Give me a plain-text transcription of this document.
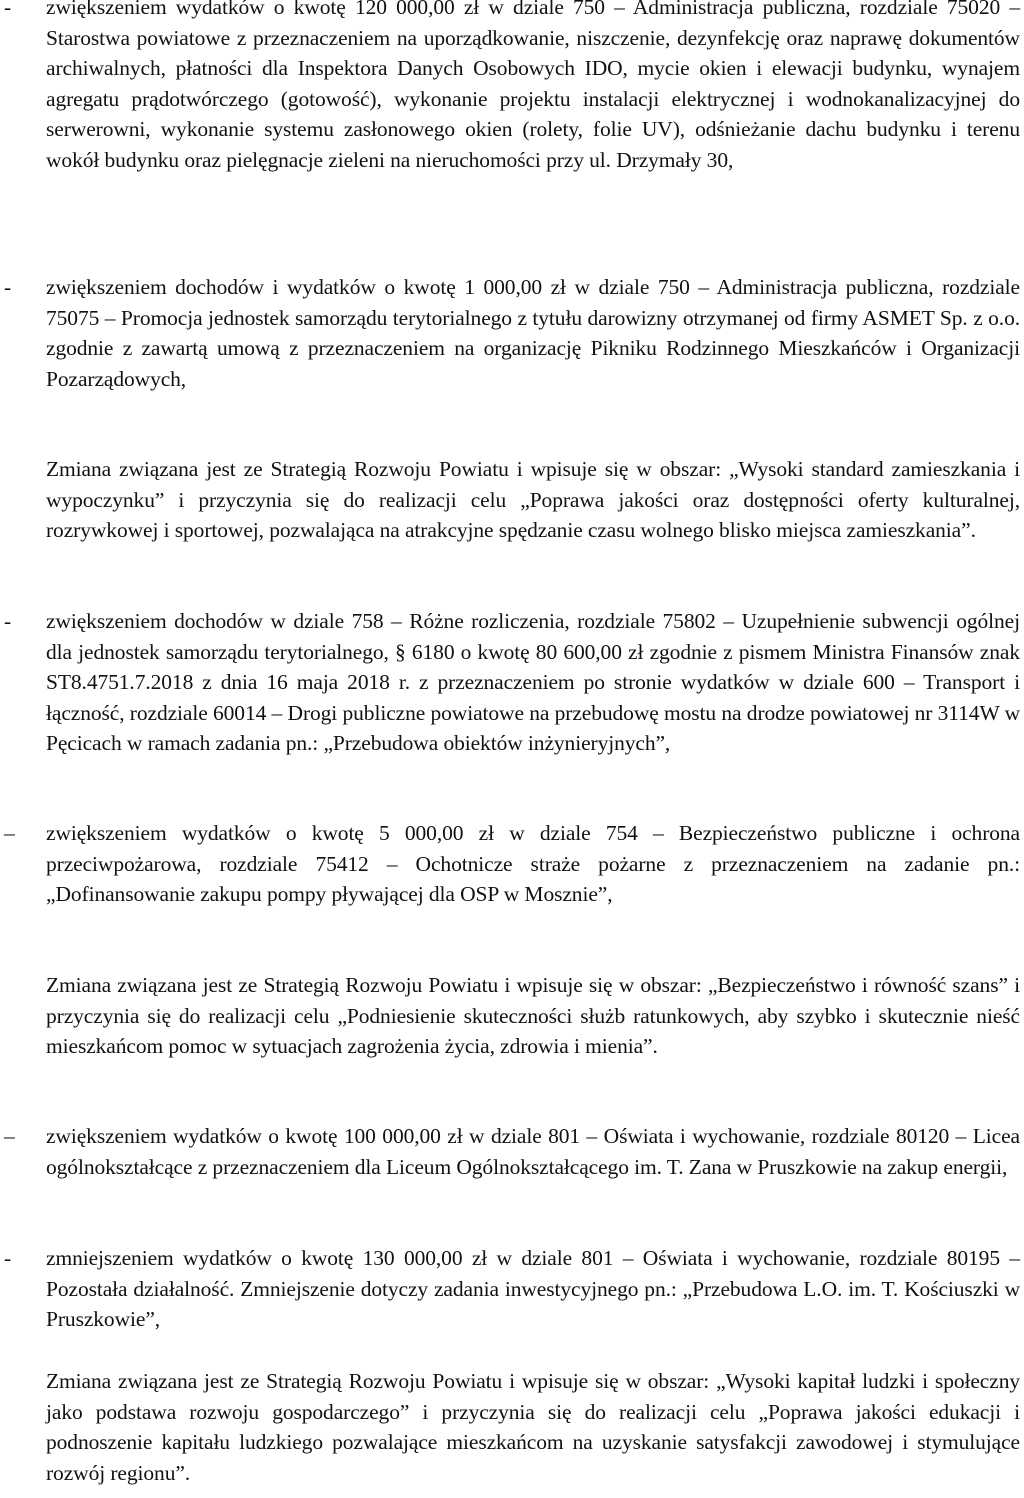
-	zwiększeniem wydatków o kwotę 120 000,00 zł w dziale 750 – Administracja publiczna, rozdziale 75020 – Starostwa powiatowe z przeznaczeniem na uporządkowanie, niszczenie, dezynfekcję oraz naprawę dokumentów archiwalnych, płatności dla Inspektora Danych Osobowych IDO, mycie okien i elewacji budynku, wynajem agregatu prądotwórczego (gotowość), wykonanie projektu instalacji elektrycznej i wodnokanalizacyjnej do serwerowni, wykonanie systemu zasłonowego okien (rolety, folie UV), odśnieżanie dachu budynku i terenu wokół budynku oraz pielęgnacje zieleni na nieruchomości przy ul. Drzymały 30,
-	zwiększeniem dochodów i wydatków o kwotę 1 000,00 zł w dziale 750 – Administracja publiczna, rozdziale 75075 – Promocja jednostek samorządu terytorialnego z tytułu darowizny otrzymanej od firmy ASMET Sp. z o.o. zgodnie z zawartą umową z przeznaczeniem na organizację Pikniku Rodzinnego Mieszkańców i Organizacji Pozarządowych,
Zmiana związana jest ze Strategią Rozwoju Powiatu i wpisuje się w obszar: „Wysoki standard zamieszkania i wypoczynku” i przyczynia się do realizacji celu „Poprawa jakości oraz dostępności oferty kulturalnej, rozrywkowej i sportowej, pozwalająca na atrakcyjne spędzanie czasu wolnego blisko miejsca zamieszkania”.
-	zwiększeniem dochodów w dziale 758 – Różne rozliczenia, rozdziale 75802 – Uzupełnienie subwencji ogólnej dla jednostek samorządu terytorialnego, § 6180 o kwotę 80 600,00 zł zgodnie z pismem Ministra Finansów znak ST8.4751.7.2018 z dnia 16 maja 2018 r. z przeznaczeniem po stronie wydatków w dziale 600 – Transport i łączność, rozdziale 60014 – Drogi publiczne powiatowe na przebudowę mostu na drodze powiatowej nr 3114W w Pęcicach w ramach zadania pn.: „Przebudowa obiektów inżynieryjnych”,
–	zwiększeniem wydatków o kwotę 5 000,00 zł w dziale 754 – Bezpieczeństwo publiczne i ochrona przeciwpożarowa, rozdziale 75412 – Ochotnicze straże pożarne z przeznaczeniem na zadanie pn.: „Dofinansowanie zakupu pompy pływającej dla OSP w Mosznie”,
Zmiana związana jest ze Strategią Rozwoju Powiatu i wpisuje się w obszar: „Bezpieczeństwo i równość szans” i przyczynia się do realizacji celu „Podniesienie skuteczności służb ratunkowych, aby szybko i skutecznie nieść mieszkańcom pomoc w sytuacjach zagrożenia życia, zdrowia i mienia”.
–	zwiększeniem wydatków o kwotę 100 000,00 zł w dziale 801 – Oświata i wychowanie, rozdziale 80120 – Licea ogólnokształcące z przeznaczeniem dla Liceum Ogólnokształcącego im. T. Zana w Pruszkowie na zakup energii,
-	zmniejszeniem wydatków o kwotę 130 000,00 zł w dziale 801 – Oświata i wychowanie, rozdziale 80195 – Pozostała działalność. Zmniejszenie dotyczy zadania inwestycyjnego pn.: „Przebudowa L.O. im. T. Kościuszki w Pruszkowie”,
Zmiana związana jest ze Strategią Rozwoju Powiatu i wpisuje się w obszar: „Wysoki kapitał ludzki i społeczny jako podstawa rozwoju gospodarczego” i przyczynia się do realizacji celu „Poprawa jakości edukacji i podnoszenie kapitału ludzkiego pozwalające mieszkańcom na uzyskanie satysfakcji zawodowej i stymulujące rozwój regionu”.
